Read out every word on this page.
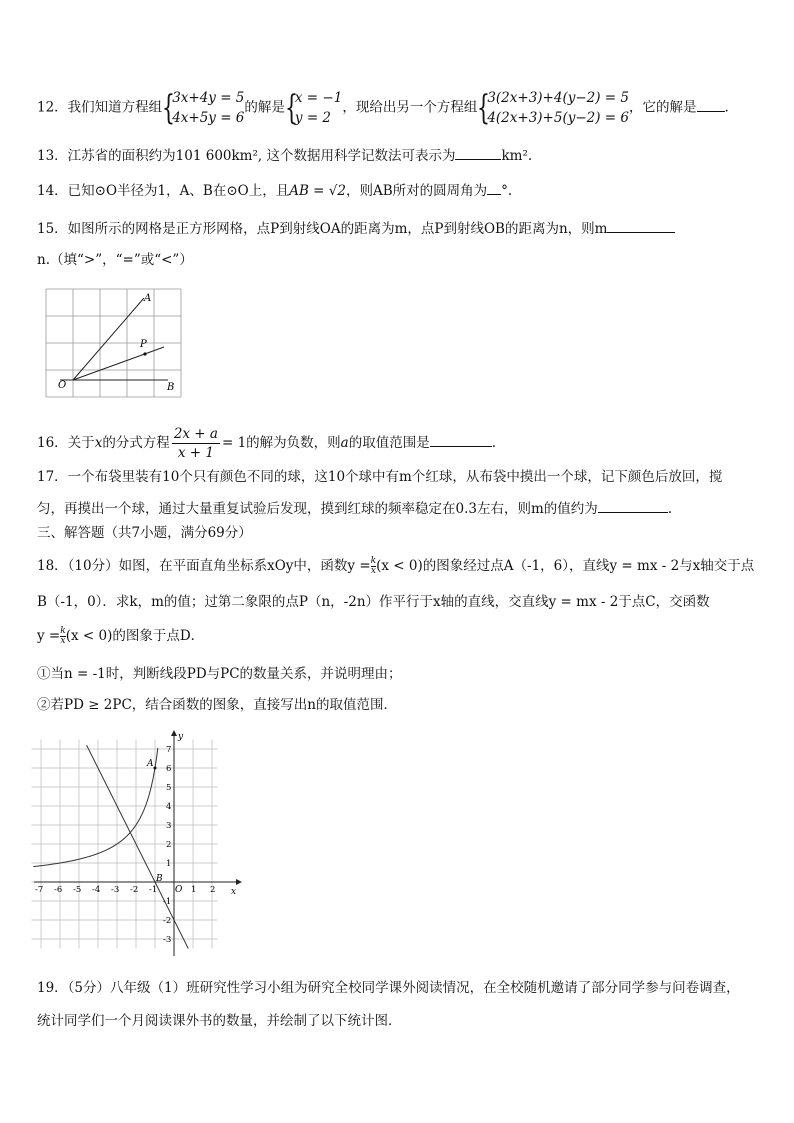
12．我们知道方程组 {
3x+4y = 5
4x+5y = 6
的解是 {
x = −1
y = 2
，现给出另一个方程组 {
3(2x+3)+4(y−2) = 5
4(2x+3)+5(y−2) = 6
，它的解是 .
13．江苏省的面积约为101 600km², 这个数据用科学记数法可表示为	km².
14．已知⊙O半径为1，A、B在⊙O上，且AB = √2，则AB所对的圆周角为 °.
15．如图所示的网格是正方形网格，点P到射线OA的距离为m，点P到射线OB的距离为n，则m
n.（填“>”，“=”或“<”）
A
P
O	B
16．关于x的分式方程 $\frac{2x + a}{x + 1} = 1$的解为负数，则a的取值范围是	.
17．一个布袋里装有10个只有颜色不同的球，这10个球中有m个红球，从布袋中摸出一个球，记下颜色后放回，搅
匀，再摸出一个球，通过大量重复试验后发现，摸到红球的频率稳定在0.3左右，则m的值约为	.
三、解答题（共7小题，满分69分）
18．（10分）如图，在平面直角坐标系xOy中，函数$y = \frac{k}{x} (x < 0)$的图象经过点A（-1，6），直线y = mx - 2与x轴交于点
B（-1，0）．求k，m的值；过第二象限的点P（n，-2n）作平行于x轴的直线，交直线y = mx - 2于点C，交函数
$y = \frac{k}{x} (x < 0)$的图象于点D．
①当n = -1时，判断线段PD与PC的数量关系，并说明理由；
②若PD ≥ 2PC，结合函数的图象，直接写出n的取值范围．
-7 -6 -5 -4 -3 -2 -1	1 2
7
6
5
4
3
2
1
-1
-2
-3
O	x
y
A
B
19．（5分）八年级（1）班研究性学习小组为研究全校同学课外阅读情况，在全校随机邀请了部分同学参与问卷调查，
统计同学们一个月阅读课外书的数量，并绘制了以下统计图．
